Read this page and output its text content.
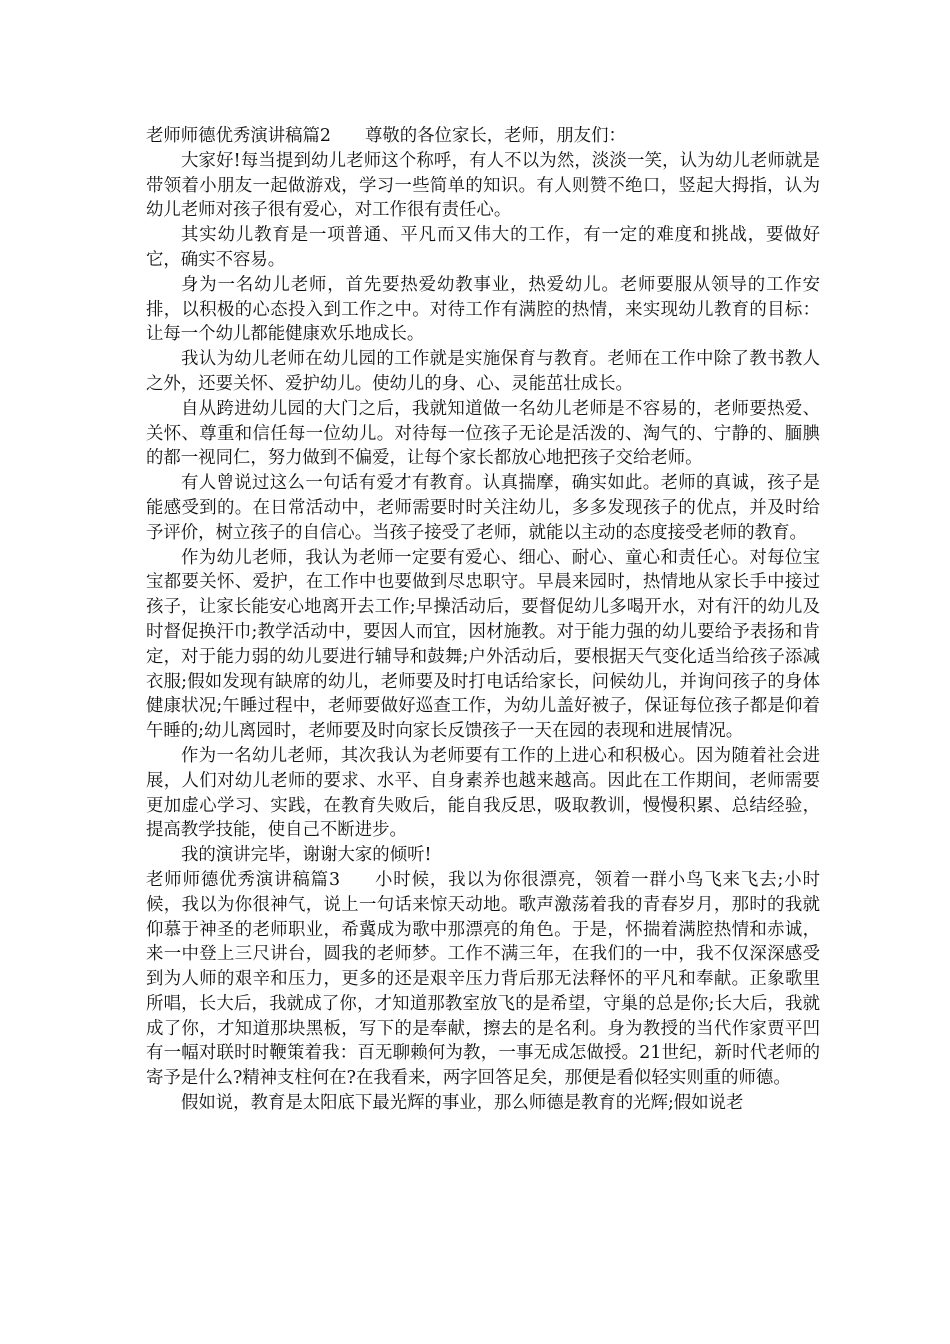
老师师德优秀演讲稿篇2 尊敬的各位家长，老师，朋友们：

大家好!每当提到幼儿老师这个称呼，有人不以为然，淡淡一笑，认为幼儿老师就是带领着小朋友一起做游戏，学习一些简单的知识。有人则赞不绝口，竖起大拇指，认为幼儿老师对孩子很有爱心，对工作很有责任心。

其实幼儿教育是一项普通、平凡而又伟大的工作，有一定的难度和挑战，要做好它，确实不容易。

身为一名幼儿老师，首先要热爱幼教事业，热爱幼儿。老师要服从领导的工作安排，以积极的心态投入到工作之中。对待工作有满腔的热情，来实现幼儿教育的目标：让每一个幼儿都能健康欢乐地成长。

我认为幼儿老师在幼儿园的工作就是实施保育与教育。老师在工作中除了教书教人之外，还要关怀、爱护幼儿。使幼儿的身、心、灵能茁壮成长。

自从跨进幼儿园的大门之后，我就知道做一名幼儿老师是不容易的，老师要热爱、关怀、尊重和信任每一位幼儿。对待每一位孩子无论是活泼的、淘气的、宁静的、腼腆的都一视同仁，努力做到不偏爱，让每个家长都放心地把孩子交给老师。

有人曾说过这么一句话有爱才有教育。认真揣摩，确实如此。老师的真诚，孩子是能感受到的。在日常活动中，老师需要时时关注幼儿，多多发现孩子的优点，并及时给予评价，树立孩子的自信心。当孩子接受了老师，就能以主动的态度接受老师的教育。

作为幼儿老师，我认为老师一定要有爱心、细心、耐心、童心和责任心。对每位宝宝都要关怀、爱护，在工作中也要做到尽忠职守。早晨来园时，热情地从家长手中接过孩子，让家长能安心地离开去工作;早操活动后，要督促幼儿多喝开水，对有汗的幼儿及时督促换汗巾;教学活动中，要因人而宜，因材施教。对于能力强的幼儿要给予表扬和肯定，对于能力弱的幼儿要进行辅导和鼓舞;户外活动后，要根据天气变化适当给孩子添减衣服;假如发现有缺席的幼儿，老师要及时打电话给家长，问候幼儿，并询问孩子的身体健康状况;午睡过程中，老师要做好巡查工作，为幼儿盖好被子，保证每位孩子都是仰着午睡的;幼儿离园时，老师要及时向家长反馈孩子一天在园的表现和进展情况。

作为一名幼儿老师，其次我认为老师要有工作的上进心和积极心。因为随着社会进展，人们对幼儿老师的要求、水平、自身素养也越来越高。因此在工作期间，老师需要更加虚心学习、实践，在教育失败后，能自我反思，吸取教训，慢慢积累、总结经验，提高教学技能，使自己不断进步。

我的演讲完毕，谢谢大家的倾听!

老师师德优秀演讲稿篇3 小时候，我以为你很漂亮，领着一群小鸟飞来飞去;小时候，我以为你很神气，说上一句话来惊天动地。歌声激荡着我的青春岁月，那时的我就仰慕于神圣的老师职业，希冀成为歌中那漂亮的角色。于是，怀揣着满腔热情和赤诚，来一中登上三尺讲台，圆我的老师梦。工作不满三年，在我们的一中，我不仅深深感受到为人师的艰辛和压力，更多的还是艰辛压力背后那无法释怀的平凡和奉献。正象歌里所唱，长大后，我就成了你，才知道那教室放飞的是希望，守巢的总是你;长大后，我就成了你，才知道那块黑板，写下的是奉献，擦去的是名利。身为教授的当代作家贾平凹有一幅对联时时鞭策着我：百无聊赖何为教，一事无成怎做授。21世纪，新时代老师的寄予是什么?精神支柱何在?在我看来，两字回答足矣，那便是看似轻实则重的师德。

假如说，教育是太阳底下最光辉的事业，那么师德是教育的光辉;假如说老
